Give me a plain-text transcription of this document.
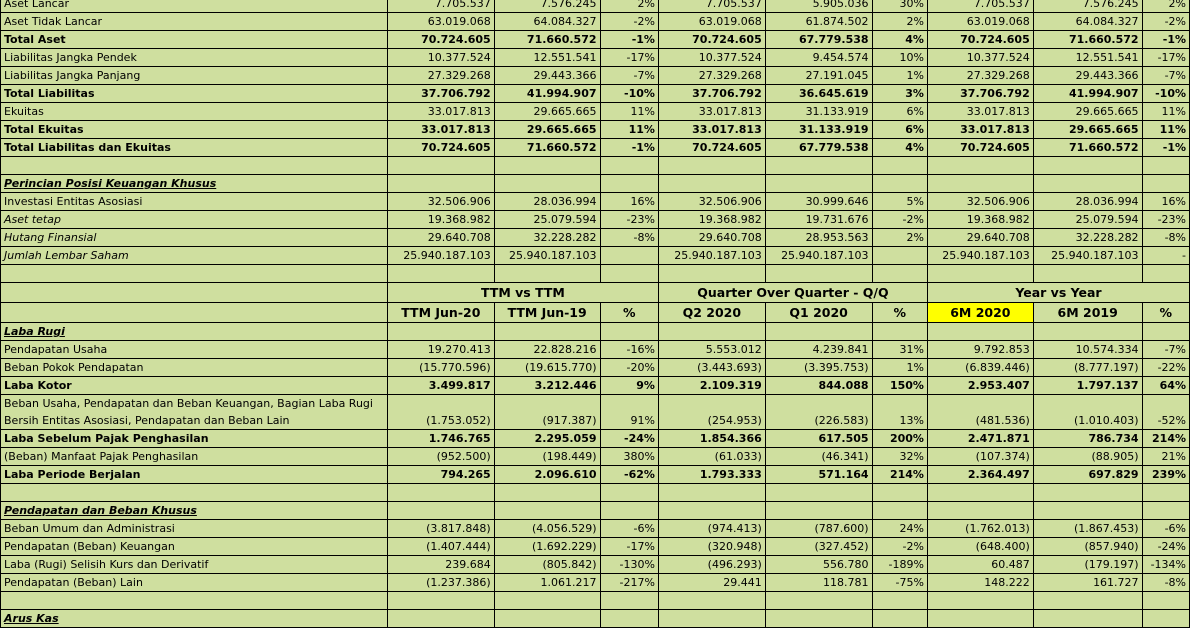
Aset Lancar	7.705.537	7.576.245	2%	7.705.537	5.905.036	30%	7.705.537	7.576.245	2%
Aset Tidak Lancar	63.019.068	64.084.327	-2%	63.019.068	61.874.502	2%	63.019.068	64.084.327	-2%
Total Aset	70.724.605	71.660.572	-1%	70.724.605	67.779.538	4%	70.724.605	71.660.572	-1%
Liabilitas Jangka Pendek	10.377.524	12.551.541	-17%	10.377.524	9.454.574	10%	10.377.524	12.551.541	-17%
Liabilitas Jangka Panjang	27.329.268	29.443.366	-7%	27.329.268	27.191.045	1%	27.329.268	29.443.366	-7%
Total Liabilitas	37.706.792	41.994.907	-10%	37.706.792	36.645.619	3%	37.706.792	41.994.907	-10%
Ekuitas	33.017.813	29.665.665	11%	33.017.813	31.133.919	6%	33.017.813	29.665.665	11%
Total Ekuitas	33.017.813	29.665.665	11%	33.017.813	31.133.919	6%	33.017.813	29.665.665	11%
Total Liabilitas dan Ekuitas	70.724.605	71.660.572	-1%	70.724.605	67.779.538	4%	70.724.605	71.660.572	-1%

Perincian Posisi Keuangan Khusus									
Investasi Entitas Asosiasi	32.506.906	28.036.994	16%	32.506.906	30.999.646	5%	32.506.906	28.036.994	16%
Aset tetap	19.368.982	25.079.594	-23%	19.368.982	19.731.676	-2%	19.368.982	25.079.594	-23%
Hutang Finansial	29.640.708	32.228.282	-8%	29.640.708	28.953.563	2%	29.640.708	32.228.282	-8%
Jumlah Lembar Saham	25.940.187.103	25.940.187.103		25.940.187.103	25.940.187.103		25.940.187.103	25.940.187.103	-

	TTM vs TTM			Quarter Over Quarter - Q/Q			Year vs Year		
	TTM Jun-20	TTM Jun-19	%	Q2 2020	Q1 2020	%	6M 2020	6M 2019	%
Laba Rugi									
Pendapatan Usaha	19.270.413	22.828.216	-16%	5.553.012	4.239.841	31%	9.792.853	10.574.334	-7%
Beban Pokok Pendapatan	(15.770.596)	(19.615.770)	-20%	(3.443.693)	(3.395.753)	1%	(6.839.446)	(8.777.197)	-22%
Laba Kotor	3.499.817	3.212.446	9%	2.109.319	844.088	150%	2.953.407	1.797.137	64%

Beban Usaha, Pendapatan dan Beban Keuangan, Bagian Laba Rugi
Bersih Entitas Asosiasi, Pendapatan dan Beban Lain	(1.753.052)	(917.387)	91%	(254.953)	(226.583)	13%	(481.536)	(1.010.403)	-52%
Laba Sebelum Pajak Penghasilan	1.746.765	2.295.059	-24%	1.854.366	617.505	200%	2.471.871	786.734	214%
(Beban) Manfaat Pajak Penghasilan	(952.500)	(198.449)	380%	(61.033)	(46.341)	32%	(107.374)	(88.905)	21%
Laba Periode Berjalan	794.265	2.096.610	-62%	1.793.333	571.164	214%	2.364.497	697.829	239%

Pendapatan dan Beban Khusus									
Beban Umum dan Administrasi	(3.817.848)	(4.056.529)	-6%	(974.413)	(787.600)	24%	(1.762.013)	(1.867.453)	-6%
Pendapatan (Beban) Keuangan	(1.407.444)	(1.692.229)	-17%	(320.948)	(327.452)	-2%	(648.400)	(857.940)	-24%
Laba (Rugi) Selisih Kurs dan Derivatif	239.684	(805.842)	-130%	(496.293)	556.780	-189%	60.487	(179.197)	-134%
Pendapatan (Beban) Lain	(1.237.386)	1.061.217	-217%	29.441	118.781	-75%	148.222	161.727	-8%

Arus Kas									
